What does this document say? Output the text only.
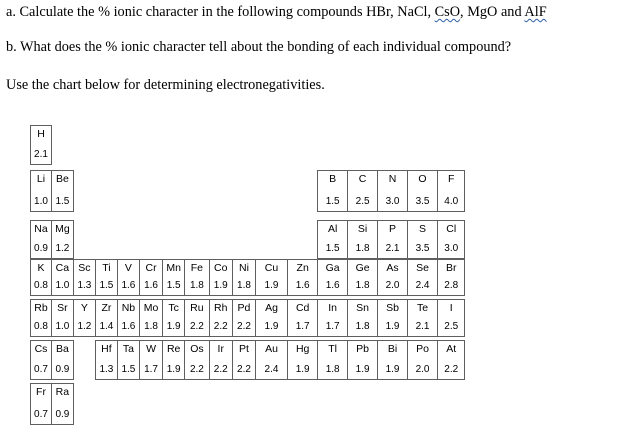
a. Calculate the % ionic character in the following compounds HBr, NaCl, CsO, MgO and AlF
b. What does the % ionic character tell about the bonding of each individual compound?
Use the chart below for determining electronegativities.
H
2.1
Li
1.0
Be
1.5
B
1.5
C
2.5
N
3.0
O
3.5
F
4.0
Na
0.9
Mg
1.2
Al
1.5
Si
1.8
P
2.1
S
3.5
Cl
3.0
K
0.8
Ca
1.0
Sc
1.3
Ti
1.5
V
1.6
Cr
1.6
Mn
1.5
Fe
1.8
Co
1.9
Ni
1.8
Cu
1.9
Zn
1.6
Ga
1.6
Ge
1.8
As
2.0
Se
2.4
Br
2.8
Rb
0.8
Sr
1.0
Y
1.2
Zr
1.4
Nb
1.6
Mo
1.8
Tc
1.9
Ru
2.2
Rh
2.2
Pd
2.2
Ag
1.9
Cd
1.7
In
1.7
Sn
1.8
Sb
1.9
Te
2.1
I
2.5
Cs
0.7
Ba
0.9
Hf
1.3
Ta
1.5
W
1.7
Re
1.9
Os
2.2
Ir
2.2
Pt
2.2
Au
2.4
Hg
1.9
Tl
1.8
Pb
1.9
Bi
1.9
Po
2.0
At
2.2
Fr
0.7
Ra
0.9
